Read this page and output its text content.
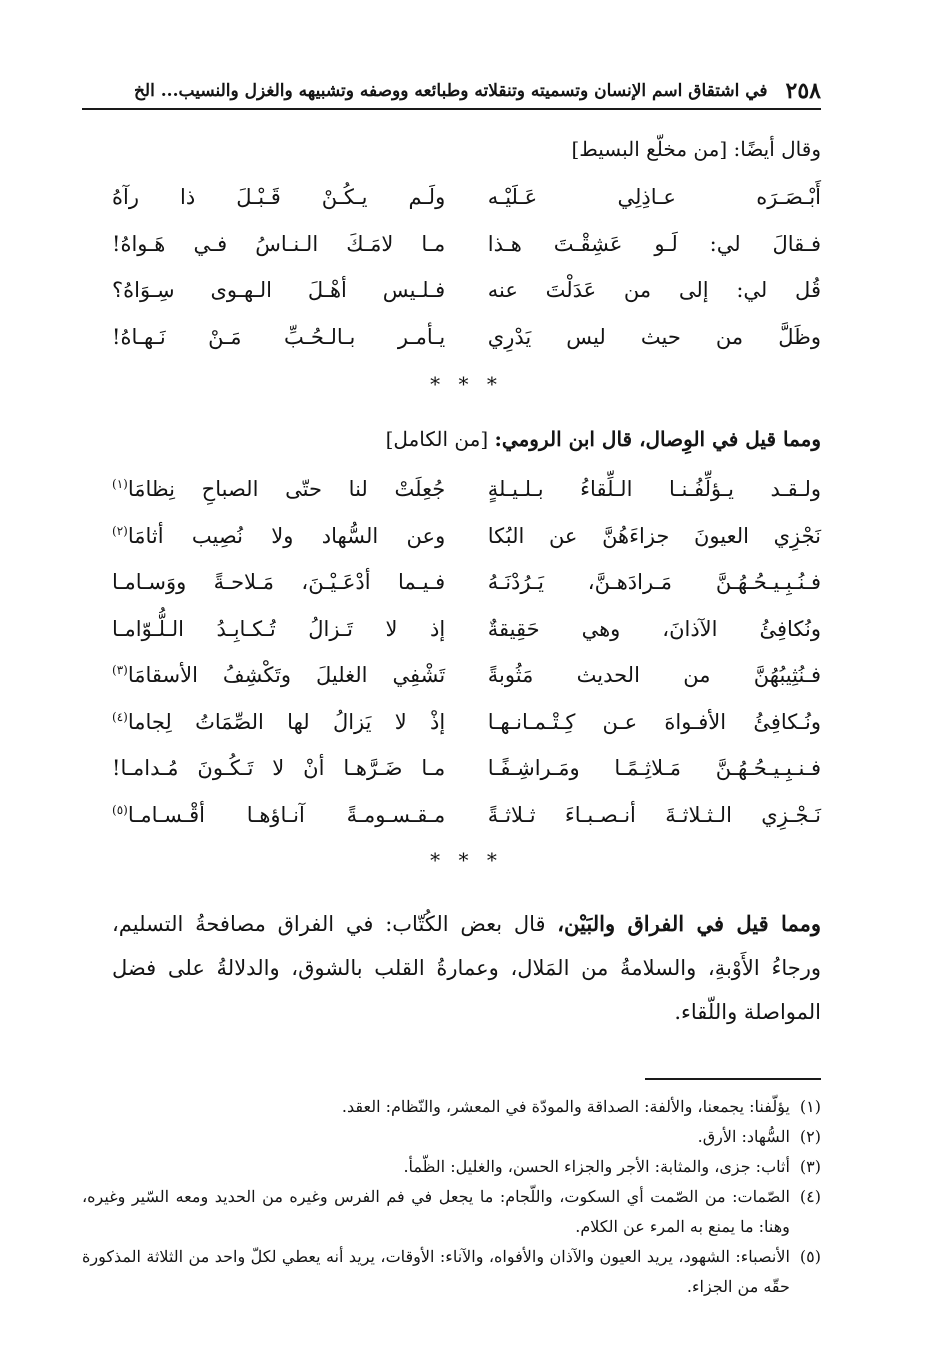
٢٥٨
في اشتقاق اسم الإنسان وتسميته وتنقلاته وطبائعه ووصفه وتشبيهه والغزل والنسيب... الخ
وقال أيضًا: [من مخلّع البسيط]
أَبْـصَـرَه عـاذِلِي عَـلَيْـه
ولَـم يـكُـنْ قَـبْـلَ ذا رآهُ
فـقالَ لي: لَـو عَشِقْـتَ هـذا
مـا لامَـكَ الـنـاسُ فـي هَـواهُ!
قُل لي: إلى من عَدَلْتَ عنه
فـلـيس أهْـلَ الـهـوى سِـوَاهُ؟
وظَلَّ من حيث ليس يَدْرِي
يـأمـر بـالـحُـبِّ مَـنْ نَـهـاهُ!
* * *
ومما قيل في الوِصال، قال ابن الرومي: [من الكامل]
ولـقـد يـؤلِّفُـنـا الـلِّقاءُ بـلـيـلةٍ
جُعِلَتْ لنا حتّى الصباحِ نِظامَا$^{(١)}$
نَجْزِي العيونَ جزاءَهُنَّ عن البُكا
وعن السُّهاد ولا نُصِيب أثامَا$^{(٢)}$
فـنُـبِـيـحُـهُـنَّ مَـرادَهـنَّ، يَـرُدْنَـهُ
فـيـما أدْعَـيْـنَ، مَـلاحـةً ووَسـامـا
ونُكافِئُ الآذانَ، وهي حَقِيقةٌ
إذ لا تَـزالُ تُـكـابِـدُ الـلُّـوّامـا
فـنُثِيبُهُنَّ من الحديث مَثُوبةً
تَشْفِي الغليلَ وتَكْشِفُ الأسقامَا$^{(٣)}$
ونُـكافِئُ الأفـواهَ عـن كِـتْـمـانـهـا
إذْ لا يَزالُ لها الصِّمَاتُ لِجاما$^{(٤)}$
فـنـبِـيـحُـهُـنَّ مَـلاثِـمًـا ومَـراشِـفًـا
مـا ضَـرَّهـا أنْ لا تَـكُـونَ مُـدامـا!
نَـجْـزِي الـثـلاثـةَ أنـصـبـاءَ ثـلاثـةً
مـقـسـومـةً آنـاؤهـا أقْـسـامـا$^{(٥)}$
* * *
ومما قيل في الفراق والبَيْن، قال بعض الكُتّاب: في الفراق مصافحةُ التسليم، ورجاءُ الأَوْبةِ، والسلامةُ من المَلال، وعمارةُ القلب بالشوق، والدلالةُ على فضل المواصلة واللّقاء.
(١)
يؤلّفنا: يجمعنا، والألفة: الصداقة والمودّة في المعشر، والنّظام: العقد.
(٢)
السُّهاد: الأرق.
(٣)
أثاب: جزى، والمثابة: الأجر والجزاء الحسن، والغليل: الظّمأ.
(٤)
الصّمات: من الصّمت أي السكوت، واللّجام: ما يجعل في فم الفرس وغيره من الحديد ومعه السّير وغيره، وهنا: ما يمنع به المرء عن الكلام.
(٥)
الأنصباء: الشهود، يريد العيون والآذان والأفواه، والآناء: الأوقات، يريد أنه يعطي لكلّ واحد من الثلاثة المذكورة حقّه من الجزاء.
